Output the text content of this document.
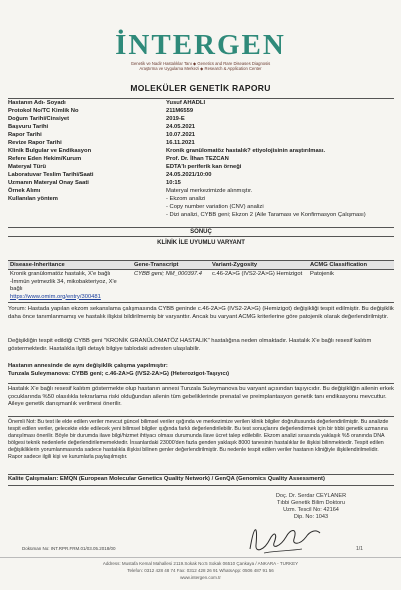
İNTERGEN
Genetik ve Nadir Hastalıklar Tanı ◆ Genetics and Rare Diseases Diagnosis
Araştırma ve Uygulama Merkezi ◆ Research & Application Center
MOLEKÜLER GENETİK RAPORU
Hastanın Adı- Soyadı	Yusuf AHADLI
Protokol No/TC Kimlik No	211M6559
Doğum Tarihi/Cinsiyet	2019-E
Başvuru Tarihi	24.05.2021
Rapor Tarihi	10.07.2021
Revize Rapor Tarihi	16.11.2021
Klinik Bulgular ve Endikasyon	Kronik granülomatöz hastalık? etiyolojisinin araştırılması.
Refere Eden Hekim/Kurum	Prof. Dr. İlhan TEZCAN
Materyal Türü	EDTA'lı periferik kan örneği
Laboratuvar Teslim Tarihi/Saati	24.05.2021/10:00
Uzmanın Materyal Onay Saati	10:15
Örnek Alımı	Materyal merkezimizde alınmıştır.
Kullanılan yöntem	- Ekzom analizi
- Copy number variation (CNV) analizi
- Dizi analizi, CYBB geni; Ekzon 2 (Aile Taraması ve Konfirmasyon Çalışması)
SONUÇ
KLİNİK İLE UYUMLU VARYANT
Disease-Inheritance	Gene-Transcript	Variant-Zygosity	ACMG Classification

Kronik granülomatöz hastalık, X'e bağlı
-İmmün yetmezlik 34, mikobakteriyoz, X'e bağlı
https://www.omim.org/entry/300481	CYBB geni; NM_000397.4	c.46-2A>G (IVS2-2A>G) Hemizigot	Patojenik
Yorum: Hastada yapılan ekzom sekanslama çalışmasında CYBB geninde c.46-2A>G (IVS2-2A>G) (Hemizigot) değişikliği tespit edilmiştir. Bu değişiklik daha önce tanımlanmamış ve hastalık ilişkisi bildirilmemiş bir varyanttır. Ancak bu varyant ACMG kriterlerine göre patojenik olarak değerlendirilmiştir.
Değişikliğin tespit edildiği CYBB geni "KRONİK GRANÜLOMATÖZ HASTALIK" hastalığına neden olmaktadır. Hastalık X'e bağlı resesif kalıtım göstermektedir. Hastalıkla ilgili detaylı bilgiye tablodaki adresten ulaşılabilir.
Hastanın annesinde de aynı değişiklik çalışma yapılmıştır:
Tunzala Suleymanova: CYBB geni; c.46-2A>G (IVS2-2A>G) (Heterozigot-Taşıyıcı)
Hastalık X'e bağlı resesif kalıtım göstermekte olup hastanın annesi Tunzala Suleymanova bu varyant açısından taşıyıcıdır. Bu değişikliğin ailenin erkek çocuklarında %50 olasılıkla tekrarlama riski olduğundan ailenin tüm gebeliklerinde prenatal ve preimplantasyon genetik tanı endikasyonu mevcuttur. Aileye genetik danışmanlık verilmesi önerilir.
Önemli Not: Bu test ile elde edilen veriler mevcut güncel bilimsel veriler ışığında ve merkezimize verilen klinik bilgiler doğrultusunda değerlendirilmiştir. Bu analizde tespit edilen veriler, gelecekte elde edilecek yeni bilimsel bilgiler ışığında farklı değerlendirilebilir. Bu test sonuçlarını değerlendirmek için bir tıbbi genetik uzmanına danışılması önerilir. Böyle bir durumda ilave bilgi/hizmet ihtiyacı olması durumunda ilave ücret talep edilebilir. Ekzom analizi sırasında yaklaşık %5 oranında DNA bölgesi teknik nedenlerle değerlendirilememektedir. İnsanlardaki 23000'den fazla genden yaklaşık 8000 tanesinin hastalıklar ile ilişkisi bilinmektedir. Tespit edilen değişikliklerin yorumlanmasında sadece hastalıkla ilişkisi bilinen genler değerlendirilmiştir. Bu nedenle tespit edilen veriler hastanın kliniğiyle ilişkilendirilmelidir. Rapor sadece ilgili kişi ve kurumlarla paylaşılmıştır.
Kalite Çalışmaları: EMQN (European Molecular Genetics Quality Network) / GenQA (Genomics Quality Assessment)
Doç. Dr. Serdar CEYLANER
Tıbbi Genetik Bilim Doktoru
Uzm. Tescil No: 42164
Dip. No: 1043
Doküman No: INT.RPR.FRM.01/03.05.2018/00	1/1
Address: Mustafa Kemal Mahallesi 2119.Sokak No:5 Sokak 06510 Çankaya / ANKARA - TURKEY
Telefon: 0312 428 48 74 Fax: 0312 428 26 91 WhatsApp: 0506 487 91 56
www.intergen.com.tr
